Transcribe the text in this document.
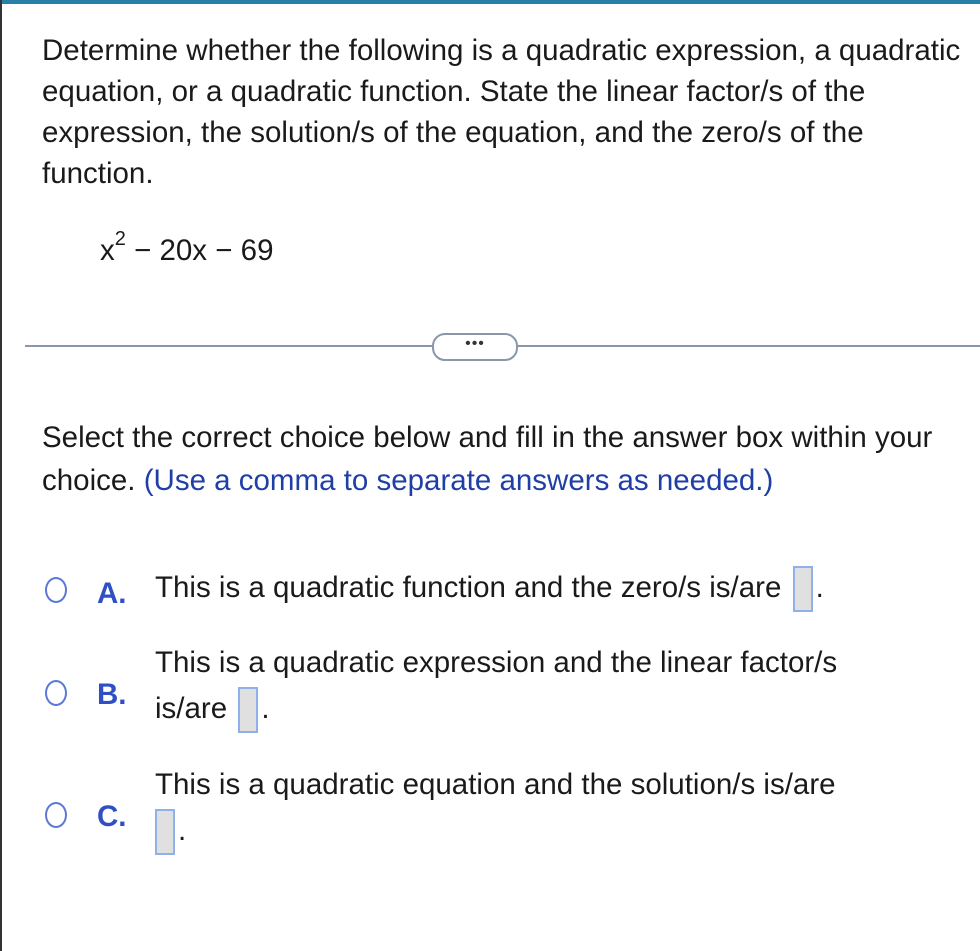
Determine whether the following is a quadratic expression, a quadratic equation, or a quadratic function. State the linear factor/s of the expression, the solution/s of the equation, and the zero/s of the function.
$x^2 - 20x - 69$
•••
Select the correct choice below and fill in the answer box within your choice. (Use a comma to separate answers as needed.)
A. This is a quadratic function and the zero/s is/are .
B.
This is a quadratic expression and the linear factor/s
is/are .
C.
This is a quadratic equation and the solution/s is/are
.
